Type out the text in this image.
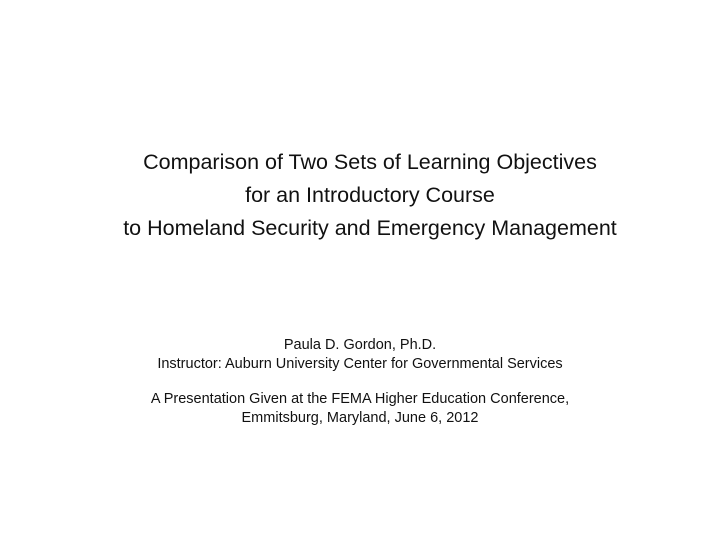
Comparison of Two Sets of Learning Objectives
for an Introductory Course
to Homeland Security and Emergency Management
Paula D. Gordon, Ph.D.
Instructor: Auburn University Center for Governmental Services
A Presentation Given at the FEMA Higher Education Conference,
Emmitsburg, Maryland, June 6, 2012
